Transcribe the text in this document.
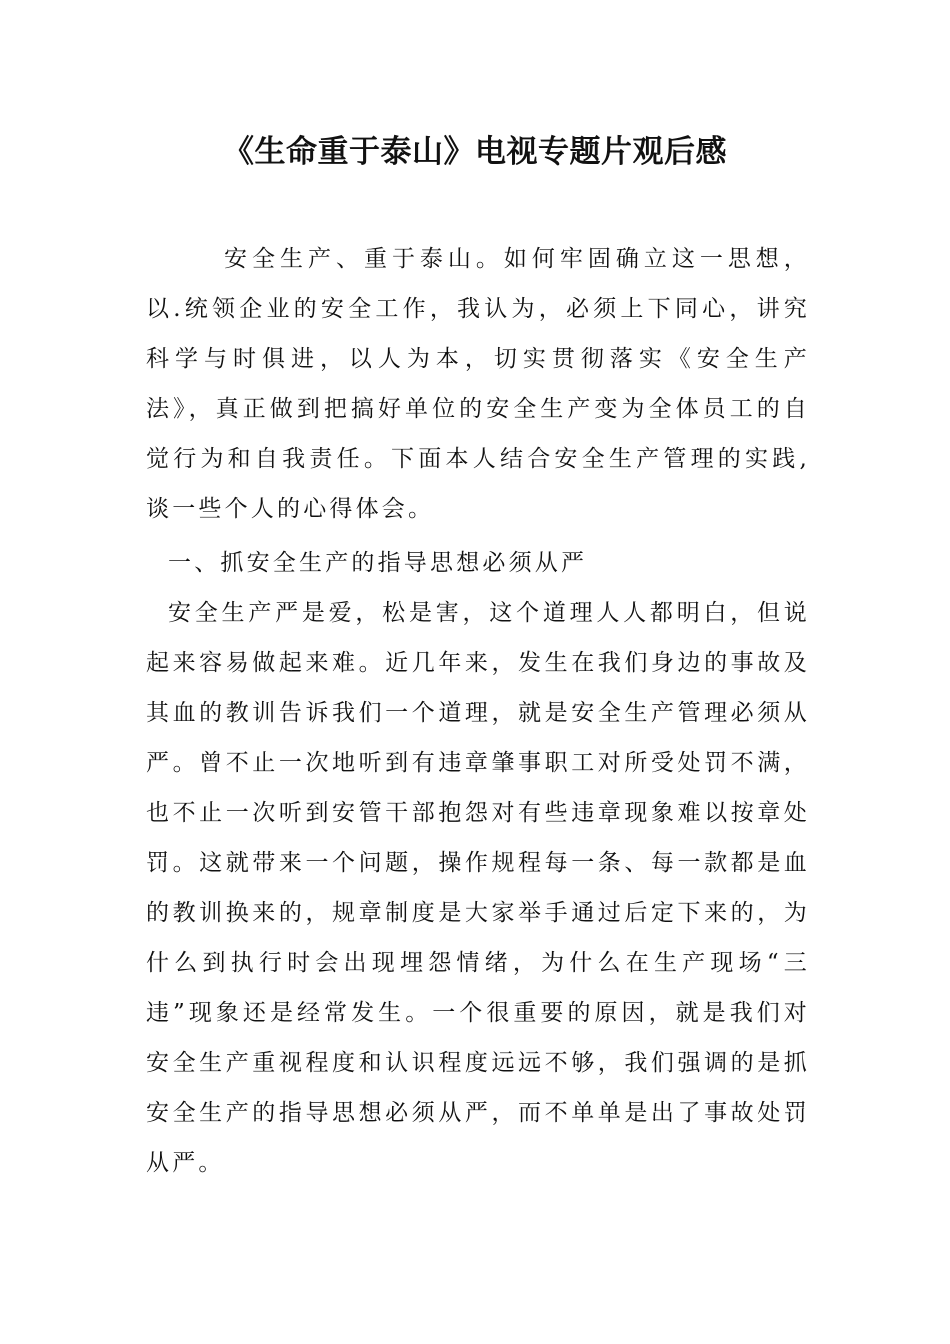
《生命重于泰山》电视专题片观后感

安全生产、重于泰山。如何牢固确立这一思想，以.统领企业的安全工作，我认为，必须上下同心，讲究科学与时俱进，以人为本，切实贯彻落实《安全生产法》，真正做到把搞好单位的安全生产变为全体员工的自觉行为和自我责任。下面本人结合安全生产管理的实践,谈一些个人的心得体会。

一、抓安全生产的指导思想必须从严

安全生产严是爱，松是害，这个道理人人都明白，但说起来容易做起来难。近几年来，发生在我们身边的事故及其血的教训告诉我们一个道理，就是安全生产管理必须从严。曾不止一次地听到有违章肇事职工对所受处罚不满，也不止一次听到安管干部抱怨对有些违章现象难以按章处罚。这就带来一个问题，操作规程每一条、每一款都是血的教训换来的，规章制度是大家举手通过后定下来的，为什么到执行时会出现埋怨情绪，为什么在生产现场“三违”现象还是经常发生。一个很重要的原因，就是我们对安全生产重视程度和认识程度远远不够，我们强调的是抓安全生产的指导思想必须从严，而不单单是出了事故处罚从严。
